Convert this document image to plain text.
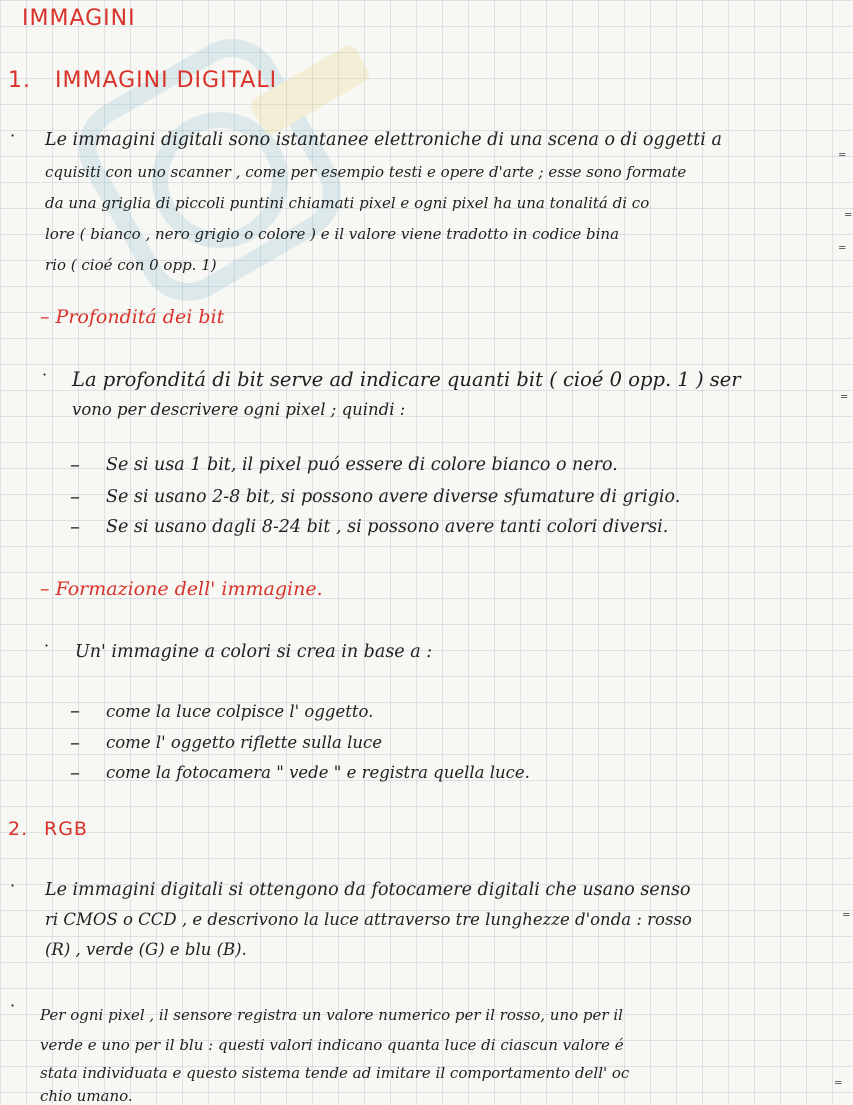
IMMAGINI
1. IMMAGINI DIGITALI
· Le immagini digitali sono istantanee elettroniche di una scena o di oggetti a
cquisiti con uno scanner , come per esempio testi e opere d'arte ; esse sono formate
da una griglia di piccoli puntini chiamati pixel e ogni pixel ha una tonalitá di co
lore ( bianco , nero grigio o colore ) e il valore viene tradotto in codice bina
rio ( cioé con 0 opp. 1)
=
=
=
– Profonditá dei bit
· La profonditá di bit serve ad indicare quanti bit ( cioé 0 opp. 1 ) ser
vono per descrivere ogni pixel ; quindi :
=
– Se si usa 1 bit, il pixel puó essere di colore bianco o nero.
– Se si usano 2-8 bit, si possono avere diverse sfumature di grigio.
– Se si usano dagli 8-24 bit , si possono avere tanti colori diversi.
– Formazione dell' immagine.
· Un' immagine a colori si crea in base a :
– come la luce colpisce l' oggetto.
– come l' oggetto riflette sulla luce
– come la fotocamera " vede " e registra quella luce.
2. RGB
· Le immagini digitali si ottengono da fotocamere digitali che usano senso
ri CMOS o CCD , e descrivono la luce attraverso tre lunghezze d'onda : rosso
(R) , verde (G) e blu (B).
=
· Per ogni pixel , il sensore registra un valore numerico per il rosso, uno per il
verde e uno per il blu : questi valori indicano quanta luce di ciascun valore é
stata individuata e questo sistema tende ad imitare il comportamento dell' oc
chio umano.
=
